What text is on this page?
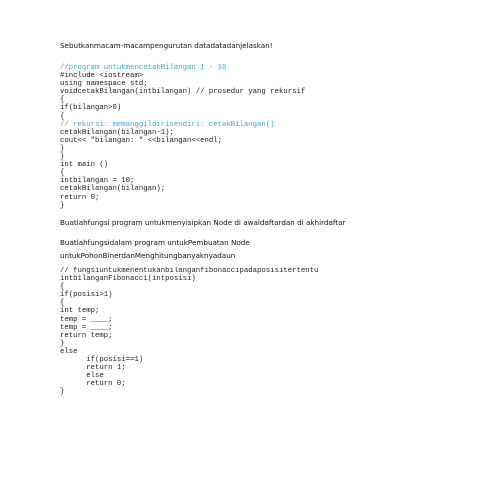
Sebutkanmacam-macampengurutan datadatadanjelaskan!
//program untukmencetakBilangan 1 - 10
#include <iostream>
using namespace std;
voidcetakBilangan(intbilangan) // prosedur yang rekursif
{
if(bilangan>0)
{
// rekursi: memanggildirisendiri: cetakBilangan()
cetakBilangan(bilangan-1);
cout<< "bilangan: " <<bilangan<<endl;
}
}
int main ()
{
intbilangan = 10;
cetakBilangan(bilangan);
return 0;
}
Buatlahfungsi program untukmenyisipkan Node di awaldaftardan di akhirdaftar
Buatlahfungsidalam program untukPembuatan Node
untukPohonBinerdanMenghitungbanyaknyadaun
// fungsiuntukmenentukanbilanganfibonaccipadaposisitertentu
intbilanganFibonacci(intposisi)
{
if(posisi>1)
{
int temp;
temp = ____;
temp = ____;
return temp;
}
else
if(posisi==1)
return 1;
else
return 0;
}
